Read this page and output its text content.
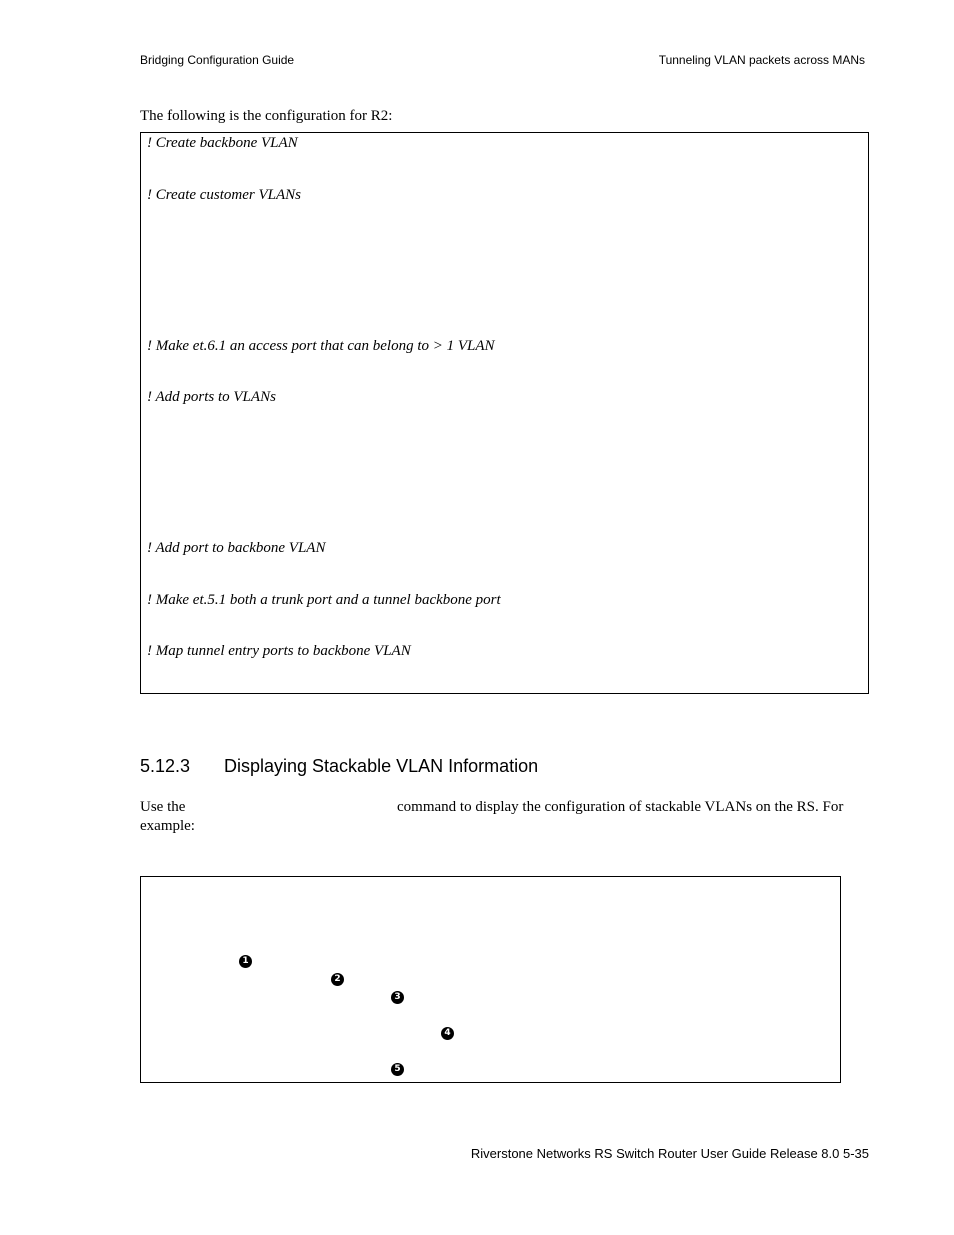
Bridging Configuration Guide	Tunneling VLAN packets across MANs
The following is the configuration for R2:
! Create backbone VLAN
! Create customer VLANs
! Make et.6.1 an access port that can belong to > 1 VLAN
! Add ports to VLANs
! Add port to backbone VLAN
! Make et.5.1 both a trunk port and a tunnel backbone port
! Map tunnel entry ports to backbone VLAN
5.12.3 Displaying Stackable VLAN Information
Use the	command to display the configuration of stackable VLANs on the RS. For
example:
1
2
3
4
5
Riverstone Networks RS Switch Router User Guide Release 8.0 5-35
